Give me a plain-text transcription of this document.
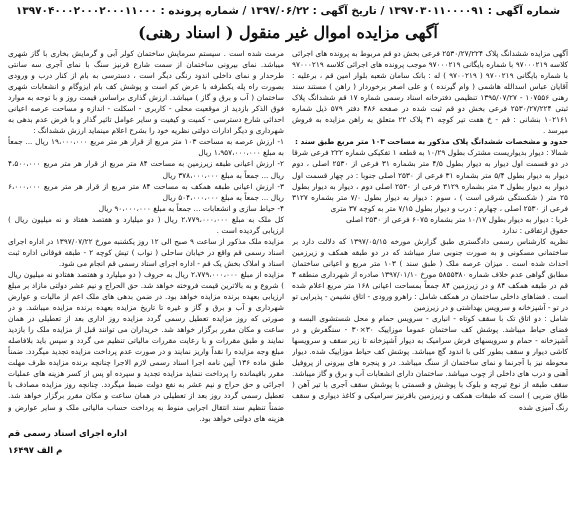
شماره آگهی : ۱۳۹۷۰۳۰۱۱۰۰۰۰۹۱ / تاریخ آگهی : ۱۳۹۷/۰۶/۲۲ / شماره پرونده : ۱۳۹۷۰۴۰۰۰۲۰۰۰۲۰۰۰۱۱۰۰۰
آگهی مزایده اموال غیر منقول ( اسناد رهنی)

آگهی مزایده ششدانگ پلاک ۲۵۳۰/۲۷/۲۲۴ فرعی بخش دو قم مربوط به پرونده های اجرائی کلاسه ۹۷۰۰۰۲۱۹ با شماره بایگانی ۹۷۰۰۰۲۱۹ موجب پرونده های اجرائی کلاسه ۹۷۰۰۰۲۱۹ با شماره بایگانی ۹۷۰۰۲۱۹ ( ۹۷۰۰۲۱۹ ) له : بانک سامان شعبه بلوار امین قم ، برعلیه : آقایان عباس اسدالله هاشمی ( وام گیرنده ) و علی اصغر برخوردار ( راهن ) مستند سند رهنی ۱۰۷۵۵۶ - ۱۳۹۵/۰۷/۲۷ تنظیمی دفترخانه اسناد رسمی شماره ۱۷ قم ششدانگ پلاک ثبتی ۲۵۳۰/۲۷/۲۲۴ فرعی بخش دو قم ثبت شده در صفحه ۴۸۶ دفتر ۵۷۹ ذیل شماره ۱۰۲۱۶۱ بنشانی : قم - خ هفت تیر کوچه ۳۱ پلاک ۲۲ متعلق به راهن مزایده به فروش میرسد .

حدود و مشخصات ششدانگ پلاک مذکور به مساحت ۱۰۳ متر مربع طبق سند :

شمالا : دیوار بدیواریست مشترک بطول ۱۰/۲۹ به قطعه ۱ تفکیکی شماره ۲۲۲ فرعی شرقا در دو قسمت اول دیوار به دیوار بطول ۴/۵ متر بشماره ۳۱ فرعی از ۲۵۳۰ اصلی ، دوم دیوار به دیوار بطول ۵/۴ متر بشماره ۳۱ فرعی از ۲۵۳۰ اصلی جنوبا : در چهار قسمت اول دیوار به دیوار بطول ۳ متر بشماره ۳۱۲۹ فرعی از ۲۵۳۰ اصلی دوم ، دیوار به دیوار بطول ۲۵ متر ( شکستگی شرقی است ) ، سوم : دیوار به دیوار بطول ۷/۰ متر بشماره ۳۱۲۷ فرعی از ۲۵۳۰ اصلی ، چهارم : درب و دیوار بطول ۷/۱۵ متر به کوچه ۳۷ متری

غربا : دیوار به دیوار بطول ۱۰/۱۷ متر بشماره ۶۰۷۵ فرعی از ۲۵۳۰ اصلی

حقوق ارتفاقی : ندارد

نظریه کارشناس رسمی دادگستری طبق گزارش مورخه ۱۳۹۷/۰۵/۱۵ که دلالت دارد بر ساختمانی مسکونی و به صورت جنوبی ساز میباشد که در دو طبقه همکف و زیرزمین احداث شده است . میزان عرصه ملک ( طبق سند ) ۱۰۳ متر مربع و اعیانی ساختمان مطابق گواهی عدم خلاف شماره ۵۸۵۵۳۸۰ مورخ ۱۳۹۷/۰۱/۱۰ صادره از شهرداری منطقه ۴ قم در طبقه همکف ۸۴ و در زیرزمین ۸۴ جمعاً بمساحت اعیانی ۱۶۸ متر مربع اعلام شده است . فضاهای داخلی ساختمان در همکف شامل : راهرو ورودی - اتاق نشیمن - پذیرایی تو در تو - آشپزخانه و سرویس بهداشتی و در زیرزمین

شامل : دو اتاق تک با سقف کوتاه - انباری - سرویس حمام و محل شستشوی البسه و فضای حیاط میباشد. پوشش کف ساختمان عموما موزاییک ۳۰×۳۰ - سنگفرش و در آشپزخانه - حمام و سرویسهای فرش سرامیک به دیوار آشپزخانه تا زیر سقف و سرویسها کاشی دیوار و سقف بطور کلی با اندود گچ میباشد. پوشش کف حیاط موزاییک شده. دیوار محوطه نیز با آجرنما و نمای ساختمان از سنگ میباشد. در و پنجره های بیرونی از پروفیل آهنی و درب های داخلی از چوب میباشد. ساختمان دارای انشعابات آب و برق و گاز میباشد. سقف طبقه از نوع تیرچه و بلوک با پوشش و قسمتی با پوشش سقف آجری با تیر آهن ( طاق ضربی ) است که طبقات همکف و زیرزمین باقرنیز سرامیکی و کاغذ دیواری و سقف رنگ آمیزی شده

مرمت شده است . سیستم سرمایش ساختمان کولر آبی و گرمایش بخاری با گاز شهری میباشد. نمای بیرونی ساختمان از سمت شارع قرنیز سنگ با نمای آجری سه سانتی طرحدار و نمای داخلی اندود رنگی دیگر است ، دسترسی به بام از کنار درب و ورودی بصورت راه پله یکطرفه با عرض کم است و پوشش کف بام ایزوگام و انشعابات شهری ساختمان ( آب و برق و گاز ) میباشد. ارزش گذاری براساس قیمت روز و با توجه به موارد فوق الذکر بازدید از موقعیت محلی - کاربری - اسکلت - اندازه و مساحت عرصه اعیانی احداثی شارع دسترسی - کمیت و کیفیت و سایر عوامل تاثیر گذار و با فرض عدم بدهی به شهرداری و دیگر ادارات دولتی نظریه خود را بشرح اعلام مینماید ارزش ششدانگ :

۱- ارزش عرصه به مساحت ۱۰۳ متر مربع از قرار هر متر مربع ۱۹،۰۰۰،۰۰۰ ریال ... جمعاً به مبلغ ۱،۹۵۷،۰۰۰،۰۰۰ ریال

۲- ارزش اعیانی طبقه زیرزمین به مساحت ۸۴ متر مربع از قرار هر متر مربع ۴،۵۰۰،۰۰۰ ریال ... جمعاً به مبلغ ۳۷۸،۰۰۰،۰۰۰ ریال

۳- ارزش اعیانی طبقه همکف به مساحت ۸۴ متر مربع از قرار هر متر مربع ۶،۰۰۰،۰۰۰ ریال ... جمعاً به مبلغ ۵۰۴،۰۰۰،۰۰۰ ریال

۴- حیاط سازی و انشعابات ... جمعاً به مبلغ ۹۰،۰۰۰،۰۰۰ ریال

کل ملک به مبلغ ۲،۷۷۹،۰۰۰،۰۰۰ ریال ( دو میلیارد و هفتصد هفتاد و نه میلیون ریال ) ارزیابی گردیده است .

مزایده ملک مذکور از ساعت ۹ صبح الی ۱۲ روز یکشنبه مورخ ۱۳۹۷/۰۷/۲۲ در اداره اجرای اسناد رسمی قم واقع در خیابان ساحلی ( نواب ) تیش کوچه ۲ - طبقه فوقانی اداره ثبت اسناد و املاک بخش یک قم - اداره اجرای اسناد رسمی قم انجام می شود.

مزایده از مبلغ ۲،۷۷۹،۰۰۰،۰۰۰ ریال به حروف ( دو میلیارد و هفتصد هفتادو نه میلیون ریال ) شروع و به بالاترین قیمت فروخته خواهد شد. حق الحراج و نیم عشر دولتی مازاد بر مبلغ ارزیابی بعهده برنده مزایده خواهد بود. در ضمن بدهی های ملک اعم از مالیات و عوارض شهرداری و آب و برق و گاز و غیره تا تاریخ مزایده بعهده برنده مزایده میباشد. و در صورتی که روز مزایده تعطیل رسمی گردد مزایده روز اداری بعد از تعطیلی در همان ساعت و مکان مقرر برگزار خواهد شد. خریداران می توانند قبل از مزایده ملک را بازدید نمایند و طبق مقررات و با رعایت مقررات مالیاتی تنظیم می گردد و سپس باید بلافاصله مبلغ وجه مزایده را نقداً واریز نمایند و در صورت عدم پرداخت مزایده تجدید میگردد. ضمناً طبق ماده ۱۳۶ آیین نامه اجرا اسناد رسمی لازم الاجرا چنانچه برنده مزایده ظرف مهلت مقرر باقیمانده را پرداخت ننماید مزایده تجدید و سپرده او پس از کسر هزینه های عملیات اجرائی و حق حراج و نیم عشر به نفع دولت ضبط میگردد. چنانچه روز مزایده مصادف با تعطیل رسمی گردد روز بعد از تعطیلی در همان ساعت و مکان مقرر برگزار خواهد شد. ضمناً تنظیم سند انتقال اجرایی منوط به پرداخت حساب مالیاتی ملک و سایر عوارض و هزینه های دولتی خواهد بود.

اداره اجرای اسناد رسمی قم
م الف ۱۶۴۹۷
